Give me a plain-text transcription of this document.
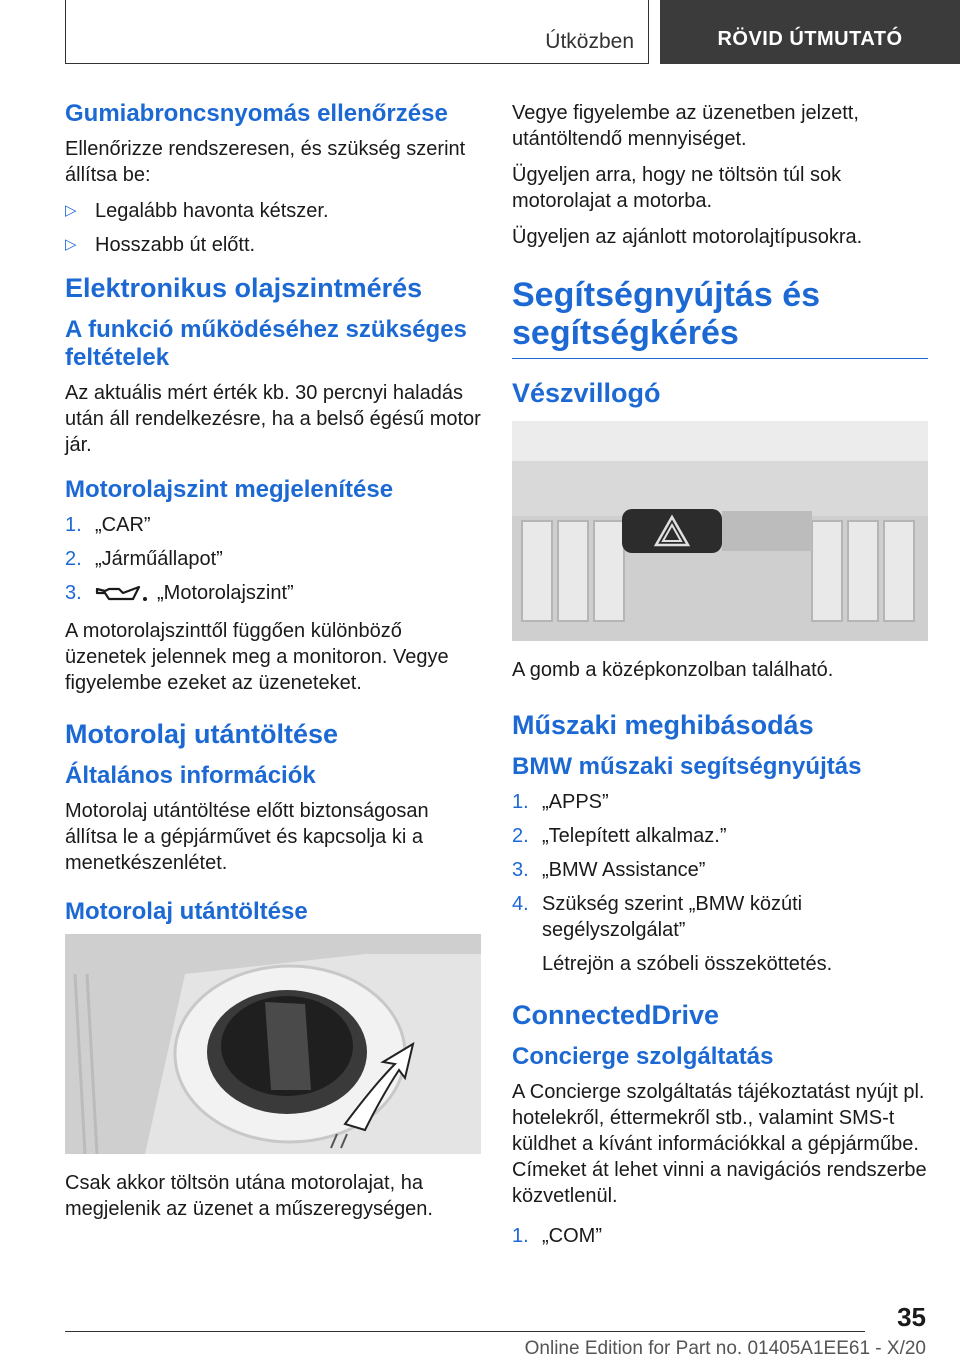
Útközben	RÖVID ÚTMUTATÓ
Gumiabroncsnyomás ellenőrzése

Ellenőrizze rendszeresen, és szükség szerint állítsa be:

▷ Legalább havonta kétszer.
▷ Hosszabb út előtt.
Elektronikus olajszintmérés
A funkció működéséhez szükséges feltételek

Az aktuális mért érték kb. 30 percnyi haladás után áll rendelkezésre, ha a belső égésű motor jár.

Motorolajszint megjelenítése
1. „CAR”
2. „Járműállapot”
3.	„Motorolajszint”

A motorolajszinttől függően különböző üzenetek jelennek meg a monitoron. Vegye figyelembe ezeket az üzeneteket.

Motorolaj utántöltése
Általános információk

Motorolaj utántöltése előtt biztonságosan állítsa le a gépjárművet és kapcsolja ki a menetkészenlétet.

Motorolaj utántöltése

Csak akkor töltsön utána motorolajat, ha megjelenik az üzenet a műszeregységen.

Vegye figyelembe az üzenetben jelzett, utántöltendő mennyiséget.

Ügyeljen arra, hogy ne töltsön túl sok motorolajat a motorba.

Ügyeljen az ajánlott motorolajtípusokra.

Segítségnyújtás és segítségkérés
Vészvillogó

A gomb a középkonzolban található.

Műszaki meghibásodás
BMW műszaki segítségnyújtás
1. „APPS”
2. „Telepített alkalmaz.”
3. „BMW Assistance”
4. Szükség szerint „BMW közúti segélyszolgálat”
Létrejön a szóbeli összeköttetés.
ConnectedDrive
Concierge szolgáltatás

A Concierge szolgáltatás tájékoztatást nyújt pl. hotelekről, éttermekről stb., valamint SMS-t küldhet a kívánt információkkal a gépjárműbe. Címeket át lehet vinni a navigációs rendszerbe közvetlenül.

1. „COM”
35
Online Edition for Part no. 01405A1EE61 - X/20
